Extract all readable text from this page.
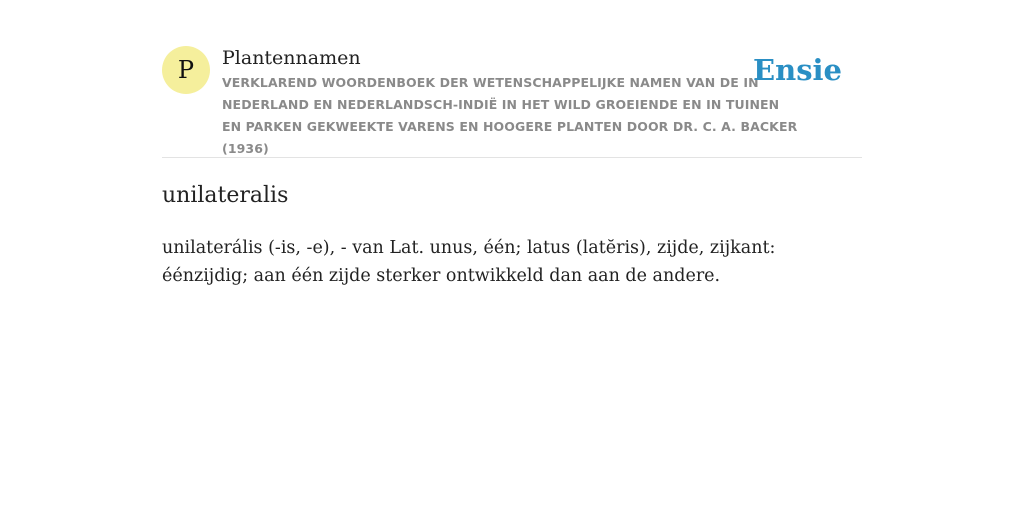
P	Plantennamen
VERKLAREND WOORDENBOEK DER WETENSCHAPPELIJKE NAMEN VAN DE IN NEDERLAND EN NEDERLANDSCH-INDIË IN HET WILD GROEIENDE EN IN TUINEN EN PARKEN GEKWEEKTE VARENS EN HOOGERE PLANTEN DOOR DR. C. A. BACKER (1936)
Ensie
unilateralis

unilaterális (-is, -e), - van Lat. unus, één; latus (latĕris), zijde, zijkant: éénzijdig; aan één zijde sterker ontwikkeld dan aan de andere.
